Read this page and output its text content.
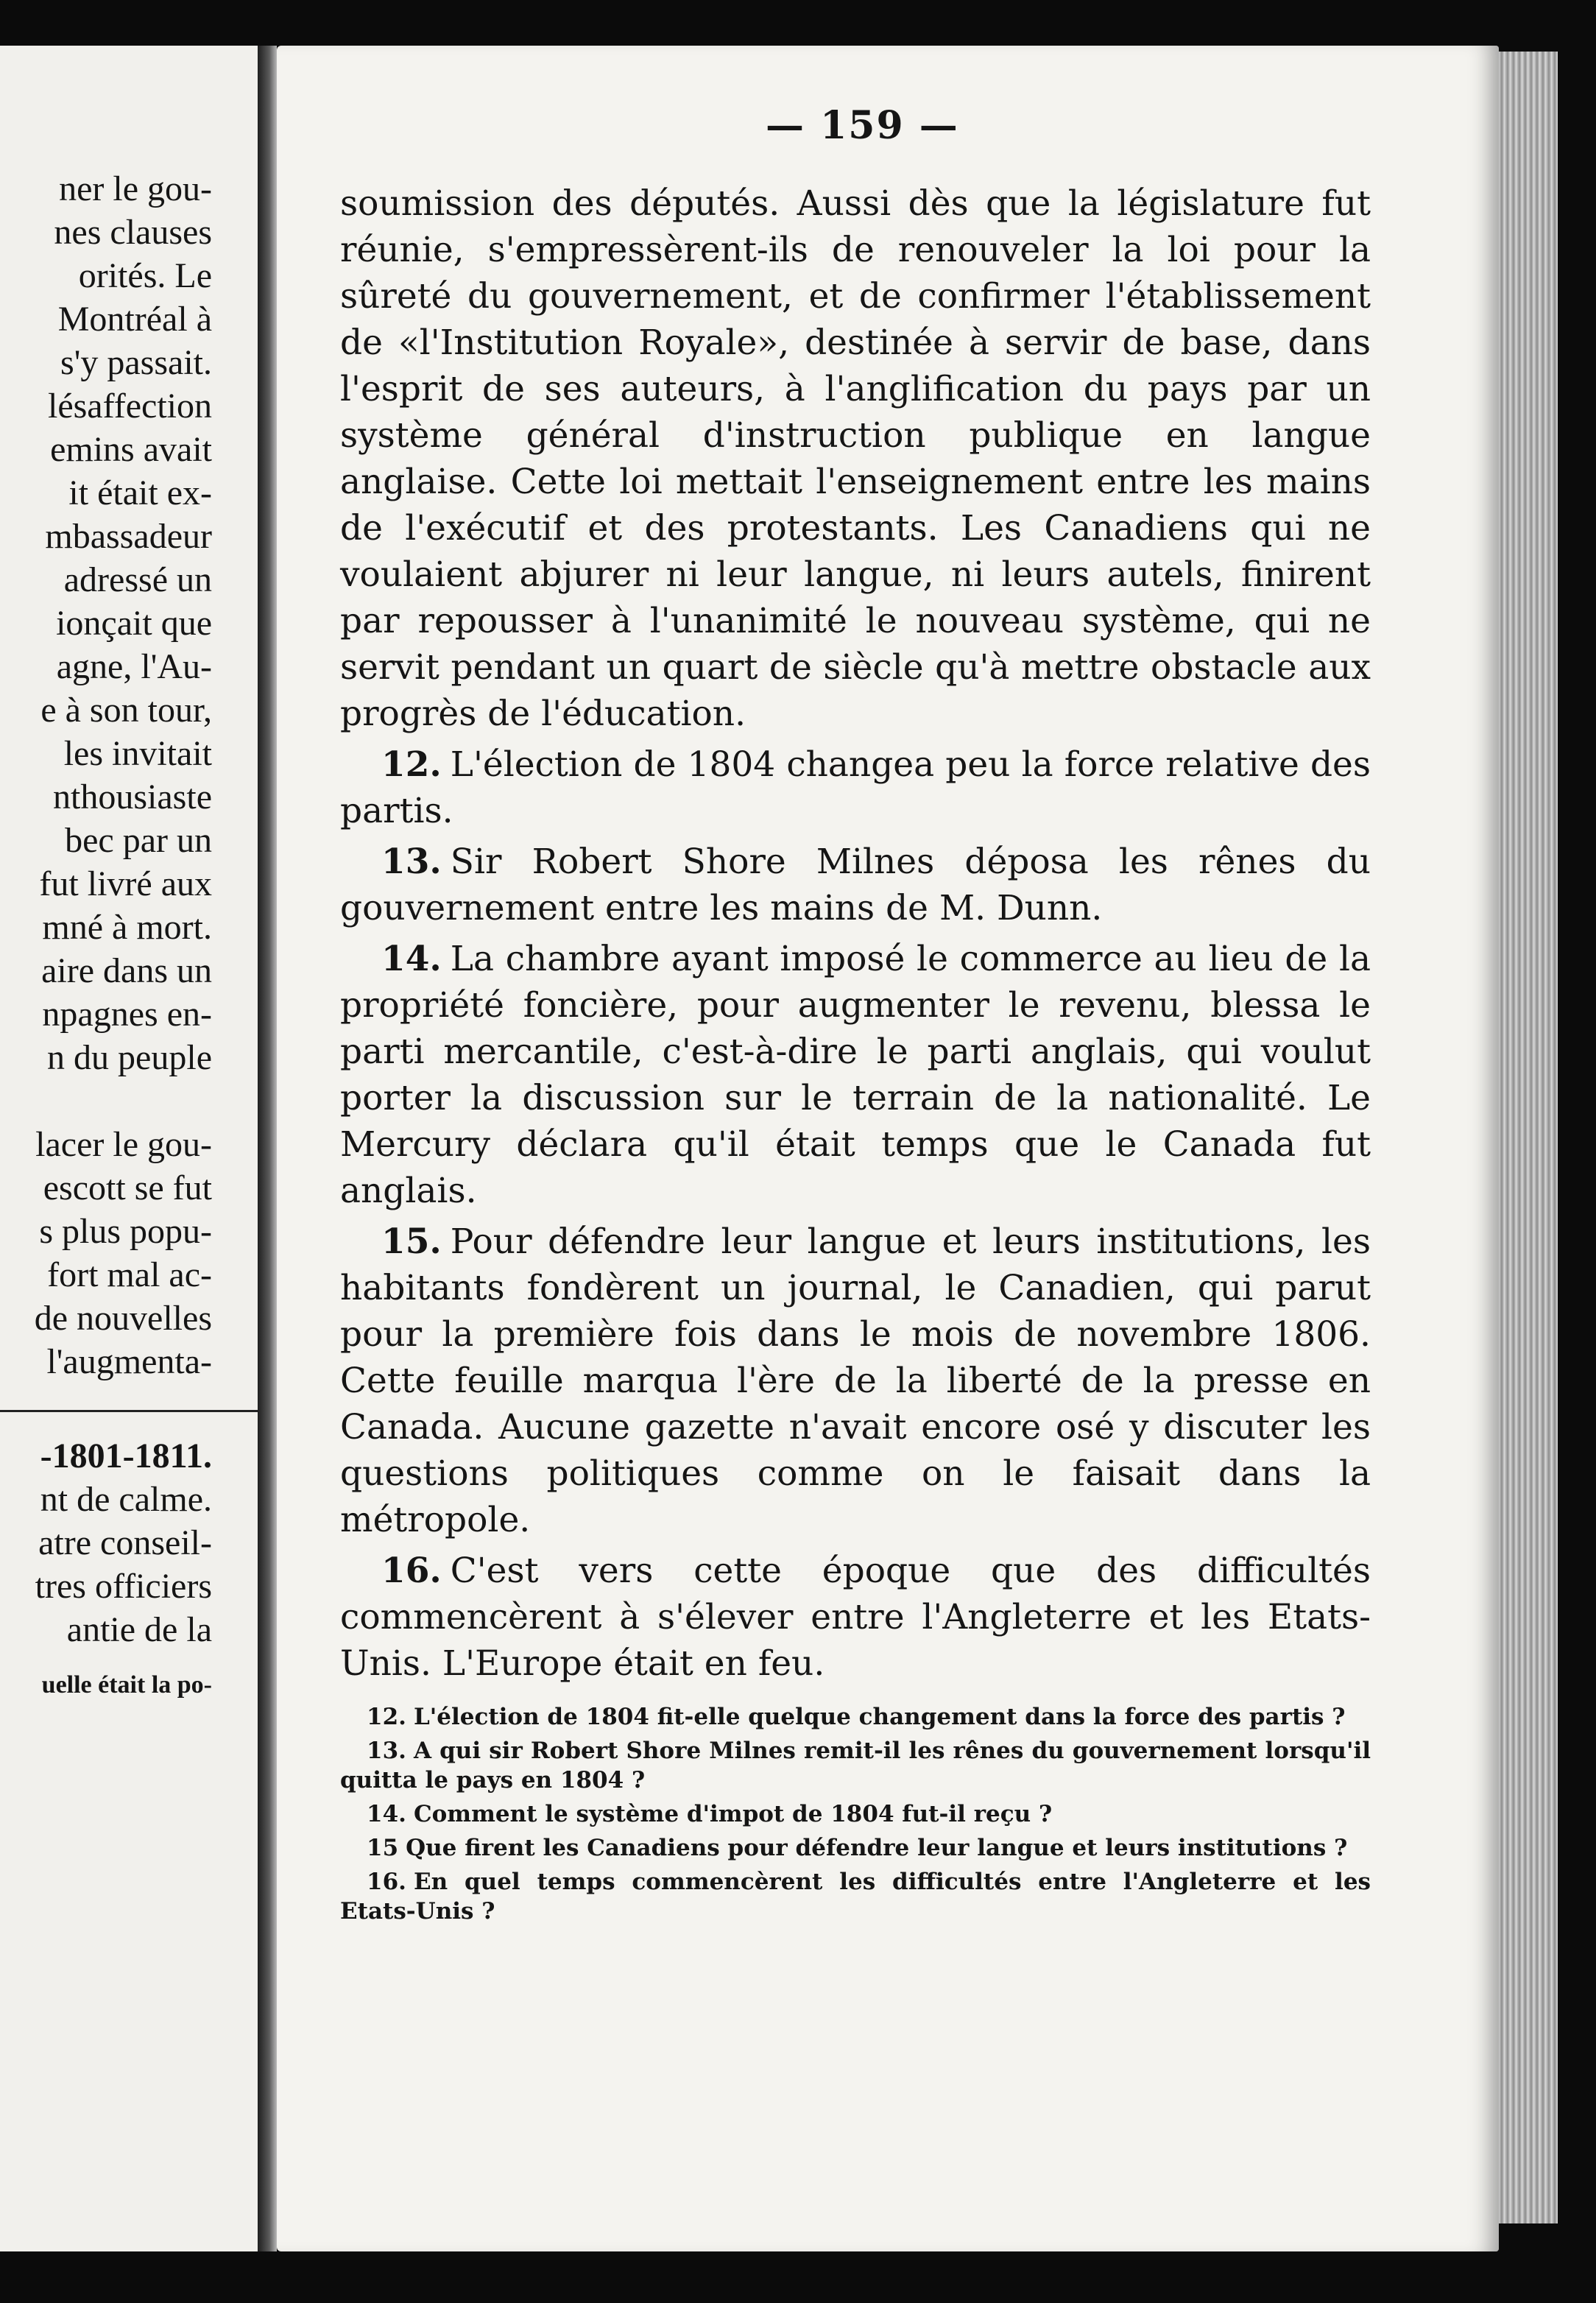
ner le gou-
nes clauses
orités. Le
Montréal à
s'y passait.
lésaffection
emins avait
it était ex-
mbassadeur
adressé un
ionçait que
agne, l'Au-
e à son tour,
les invitait
nthousiaste
bec par un
fut livré aux
mné à mort.
aire dans un
npagnes en-
n du peuple

lacer le gou-
escott se fut
s plus popu-
fort mal ac-
de nouvelles
l'augmenta-
-1801-1811.
nt de calme.
atre conseil-
tres officiers
antie de la
uelle était la po-
— 159 —

soumission des députés. Aussi dès que la législature fut réunie, s'empressèrent-ils de renouveler la loi pour la sûreté du gouvernement, et de confirmer l'établissement de «l'Institution Royale», destinée à servir de base, dans l'esprit de ses auteurs, à l'anglification du pays par un système général d'instruction publique en langue anglaise. Cette loi mettait l'enseignement entre les mains de l'exécutif et des protestants. Les Canadiens qui ne voulaient abjurer ni leur langue, ni leurs autels, finirent par repousser à l'unanimité le nouveau système, qui ne servit pendant un quart de siècle qu'à mettre obstacle aux progrès de l'éducation.

12. L'élection de 1804 changea peu la force relative des partis.

13. Sir Robert Shore Milnes déposa les rênes du gouvernement entre les mains de M. Dunn.

14. La chambre ayant imposé le commerce au lieu de la propriété foncière, pour augmenter le revenu, blessa le parti mercantile, c'est-à-dire le parti anglais, qui voulut porter la discussion sur le terrain de la nationalité. Le Mercury déclara qu'il était temps que le Canada fut anglais.

15. Pour défendre leur langue et leurs institutions, les habitants fondèrent un journal, le Canadien, qui parut pour la première fois dans le mois de novembre 1806. Cette feuille marqua l'ère de la liberté de la presse en Canada. Aucune gazette n'avait encore osé y discuter les questions politiques comme on le faisait dans la métropole.

16. C'est vers cette époque que des difficultés commencèrent à s'élever entre l'Angleterre et les Etats-Unis. L'Europe était en feu.

12. L'élection de 1804 fit-elle quelque changement dans la force des partis ?

13. A qui sir Robert Shore Milnes remit-il les rênes du gouvernement lorsqu'il quitta le pays en 1804 ?

14. Comment le système d'impot de 1804 fut-il reçu ?

15 Que firent les Canadiens pour défendre leur langue et leurs institutions ?

16. En quel temps commencèrent les difficultés entre l'Angleterre et les Etats-Unis ?
